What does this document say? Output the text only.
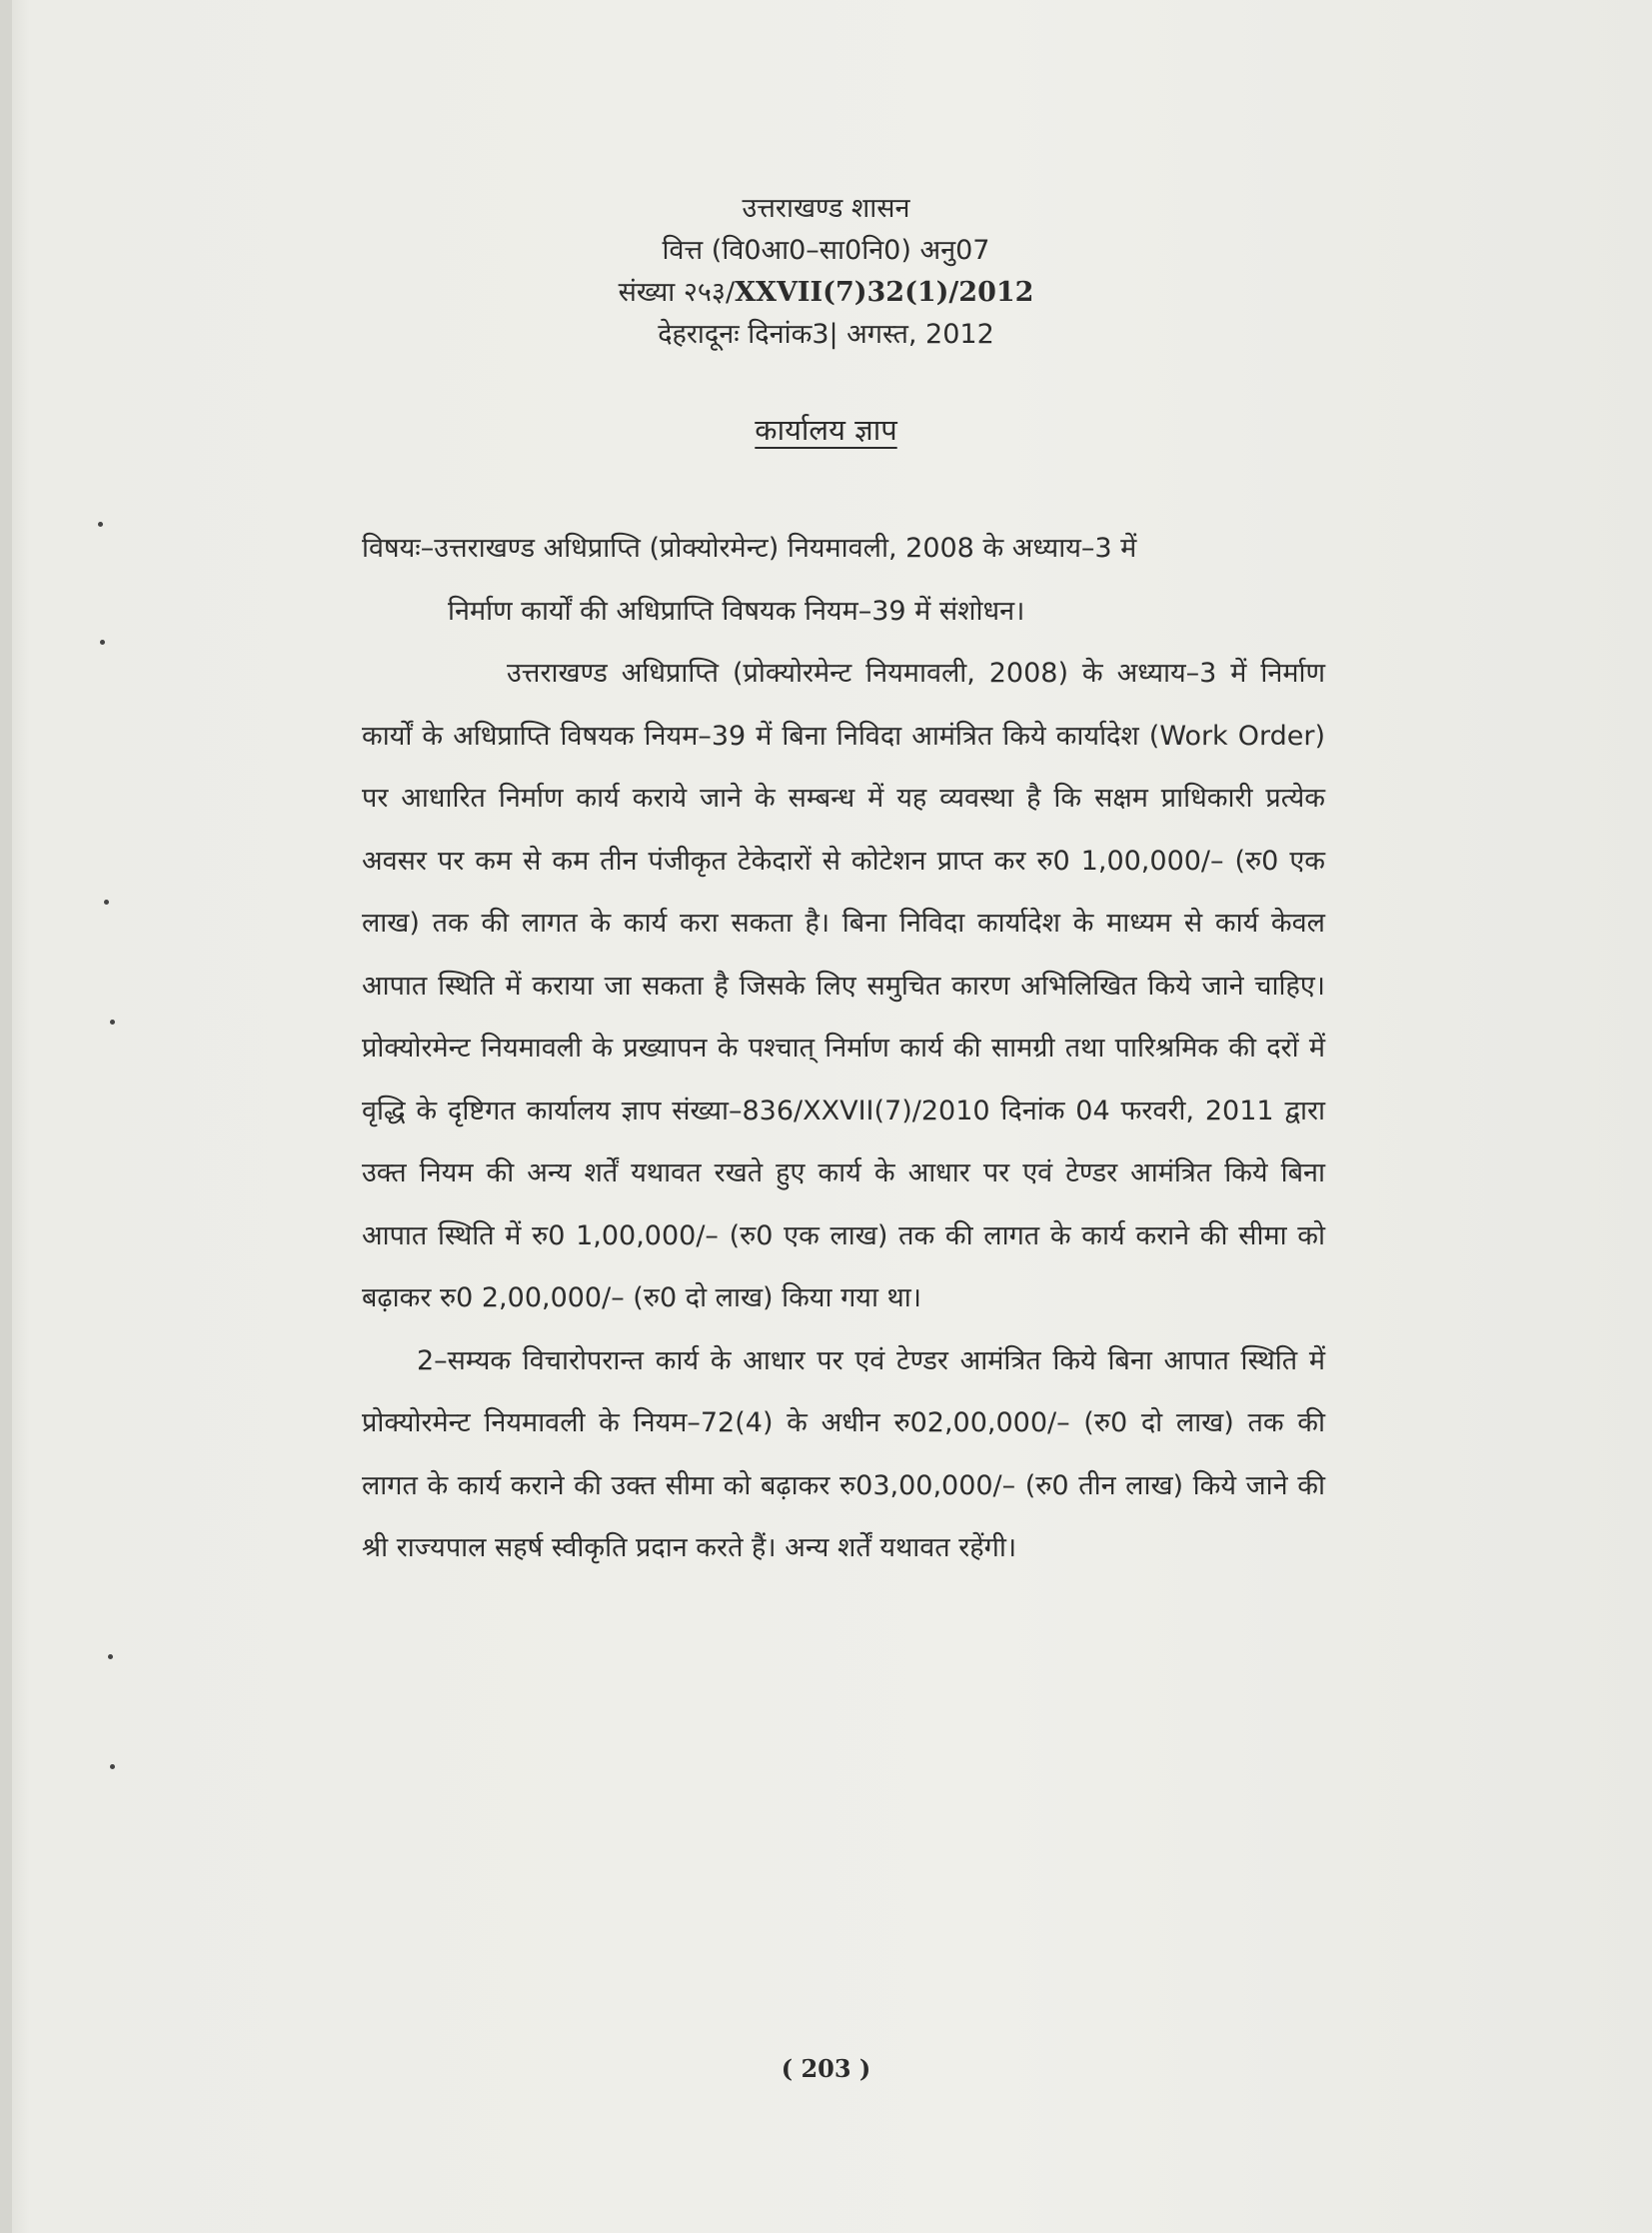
उत्तराखण्ड शासन
वित्त (वि0आ0–सा0नि0) अनु07
संख्या २५३/XXVII(7)32(1)/2012
देहरादूनः दिनांक3| अगस्त, 2012
कार्यालय ज्ञाप

विषयः–उत्तराखण्ड अधिप्राप्ति (प्रोक्योरमेन्ट) नियमावली, 2008 के अध्याय–3 में

निर्माण कार्यों की अधिप्राप्ति विषयक नियम–39 में संशोधन।

उत्तराखण्ड अधिप्राप्ति (प्रोक्योरमेन्ट नियमावली, 2008) के अध्याय–3 में निर्माण कार्यों के अधिप्राप्ति विषयक नियम–39 में बिना निविदा आमंत्रित किये कार्यादेश (Work Order) पर आधारित निर्माण कार्य कराये जाने के सम्बन्ध में यह व्यवस्था है कि सक्षम प्राधिकारी प्रत्येक अवसर पर कम से कम तीन पंजीकृत टेकेदारों से कोटेशन प्राप्त कर रु0 1,00,000/– (रु0 एक लाख) तक की लागत के कार्य करा सकता है। बिना निविदा कार्यादेश के माध्यम से कार्य केवल आपात स्थिति में कराया जा सकता है जिसके लिए समुचित कारण अभिलिखित किये जाने चाहिए। प्रोक्योरमेन्ट नियमावली के प्रख्यापन के पश्चात् निर्माण कार्य की सामग्री तथा पारिश्रमिक की दरों में वृद्धि के दृष्टिगत कार्यालय ज्ञाप संख्या–836/XXVII(7)/2010 दिनांक 04 फरवरी, 2011 द्वारा उक्त नियम की अन्य शर्तें यथावत रखते हुए कार्य के आधार पर एवं टेण्डर आमंत्रित किये बिना आपात स्थिति में रु0 1,00,000/– (रु0 एक लाख) तक की लागत के कार्य कराने की सीमा को बढ़ाकर रु0 2,00,000/– (रु0 दो लाख) किया गया था।

2–सम्यक विचारोपरान्त कार्य के आधार पर एवं टेण्डर आमंत्रित किये बिना आपात स्थिति में प्रोक्योरमेन्ट नियमावली के नियम–72(4) के अधीन रु02,00,000/– (रु0 दो लाख) तक की लागत के कार्य कराने की उक्त सीमा को बढ़ाकर रु03,00,000/– (रु0 तीन लाख) किये जाने की श्री राज्यपाल सहर्ष स्वीकृति प्रदान करते हैं। अन्य शर्तें यथावत रहेंगी।

( 203 )
